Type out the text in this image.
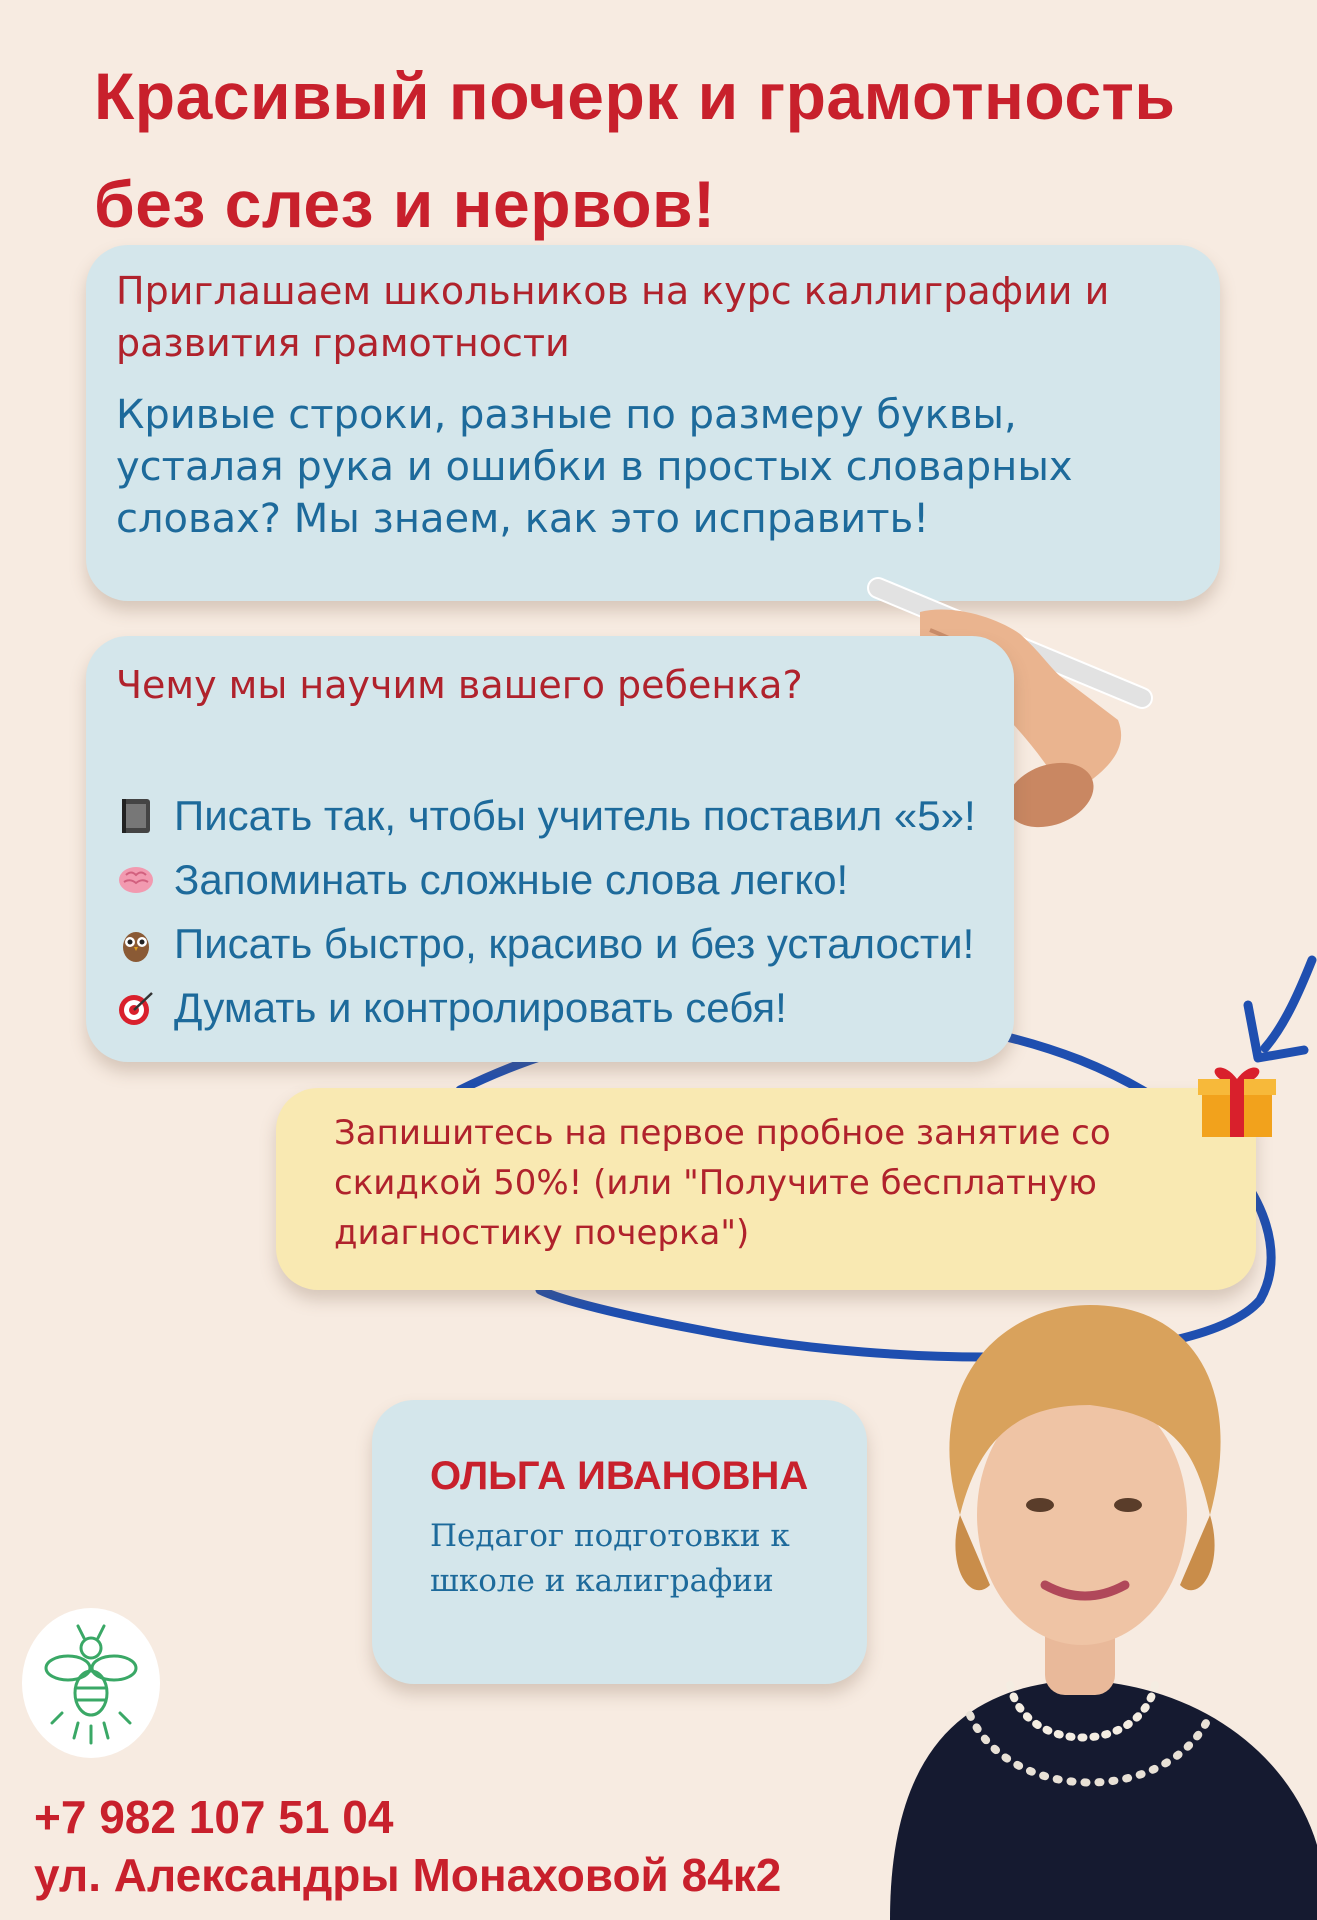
Красивый почерк и грамотность без слез и нервов!
Приглашаем школьников на курс каллиграфии и развития грамотности
Кривые строки, разные по размеру буквы, усталая рука и ошибки в простых словарных словах? Мы знаем, как это исправить!
Чему мы научим вашего ребенка?
Писать так, чтобы учитель поставил «5»!
Запоминать сложные слова легко!
Писать быстро, красиво и без усталости!
Думать и контролировать себя!
Запишитесь на первое пробное занятие со скидкой 50%! (или "Получите бесплатную диагностику почерка")
ОЛЬГА ИВАНОВНА
Педагог подготовки к школе и калиграфии
+7 982 107 51 04
ул. Александры Монаховой 84к2
